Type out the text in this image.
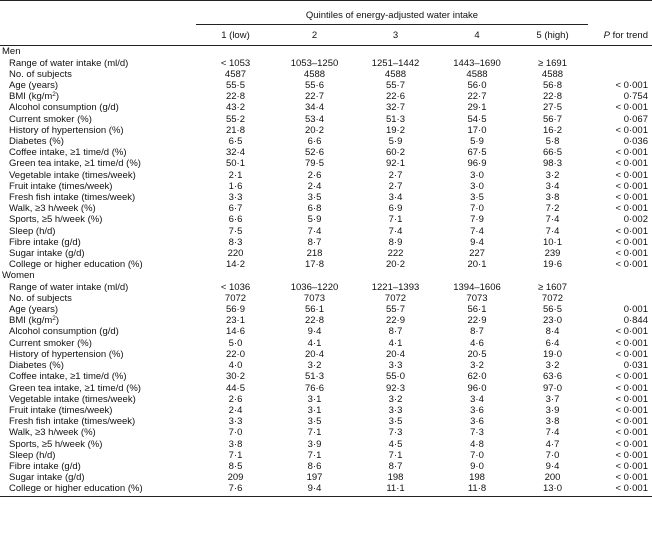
	Quintiles of energy-adjusted water intake					
	1 (low)	2	3	4	5 (high)	P for trend
Men						
Range of water intake (ml/d)	< 1053	1053–1250	1251–1442	1443–1690	≥ 1691	
No. of subjects	4587	4588	4588	4588	4588	
Age (years)	55·5	55·6	55·7	56·0	56·8	< 0·001
BMI $(kg/m^2)$	22·8	22·7	22·6	22·7	22·8	0·754
Alcohol consumption (g/d)	43·2	34·4	32·7	29·1	27·5	< 0·001
Current smoker (%)	55·2	53·4	51·3	54·5	56·7	0·067
History of hypertension (%)	21·8	20·2	19·2	17·0	16·2	< 0·001
Diabetes (%)	6·5	6·6	5·9	5·9	5·8	0·036
Coffee intake, ≥1 time/d (%)	32·4	52·6	60·2	67·5	66·5	< 0·001
Green tea intake, ≥1 time/d (%)	50·1	79·5	92·1	96·9	98·3	< 0·001
Vegetable intake (times/week)	2·1	2·6	2·7	3·0	3·2	< 0·001
Fruit intake (times/week)	1·6	2·4	2·7	3·0	3·4	< 0·001
Fresh fish intake (times/week)	3·3	3·5	3·4	3·5	3·8	< 0·001
Walk, ≥3 h/week (%)	6·7	6·8	6·9	7·0	7·2	< 0·001
Sports, ≥5 h/week (%)	6·6	5·9	7·1	7·9	7·4	0·002
Sleep (h/d)	7·5	7·4	7·4	7·4	7·4	< 0·001
Fibre intake (g/d)	8·3	8·7	8·9	9·4	10·1	< 0·001
Sugar intake (g/d)	220	218	222	227	239	< 0·001
College or higher education (%)	14·2	17·8	20·2	20·1	19·6	< 0·001
Women						
Range of water intake (ml/d)	< 1036	1036–1220	1221–1393	1394–1606	≥ 1607	
No. of subjects	7072	7073	7072	7073	7072	
Age (years)	56·9	56·1	55·7	56·1	56·5	0·001
BMI $(kg/m^2)$	23·1	22·8	22·9	22·9	23·0	0·844
Alcohol consumption (g/d)	14·6	9·4	8·7	8·7	8·4	< 0·001
Current smoker (%)	5·0	4·1	4·1	4·6	6·4	< 0·001
History of hypertension (%)	22·0	20·4	20·4	20·5	19·0	< 0·001
Diabetes (%)	4·0	3·2	3·3	3·2	3·2	0·031
Coffee intake, ≥1 time/d (%)	30·2	51·3	55·0	62·0	63·6	< 0·001
Green tea intake, ≥1 time/d (%)	44·5	76·6	92·3	96·0	97·0	< 0·001
Vegetable intake (times/week)	2·6	3·1	3·2	3·4	3·7	< 0·001
Fruit intake (times/week)	2·4	3·1	3·3	3·6	3·9	< 0·001
Fresh fish intake (times/week)	3·3	3·5	3·5	3·6	3·8	< 0·001
Walk, ≥3 h/week (%)	7·0	7·1	7·3	7·3	7·4	< 0·001
Sports, ≥5 h/week (%)	3·8	3·9	4·5	4·8	4·7	< 0·001
Sleep (h/d)	7·1	7·1	7·1	7·0	7·0	< 0·001
Fibre intake (g/d)	8·5	8·6	8·7	9·0	9·4	< 0·001
Sugar intake (g/d)	209	197	198	198	200	< 0·001
College or higher education (%)	7·6	9·4	11·1	11·8	13·0	< 0·001
